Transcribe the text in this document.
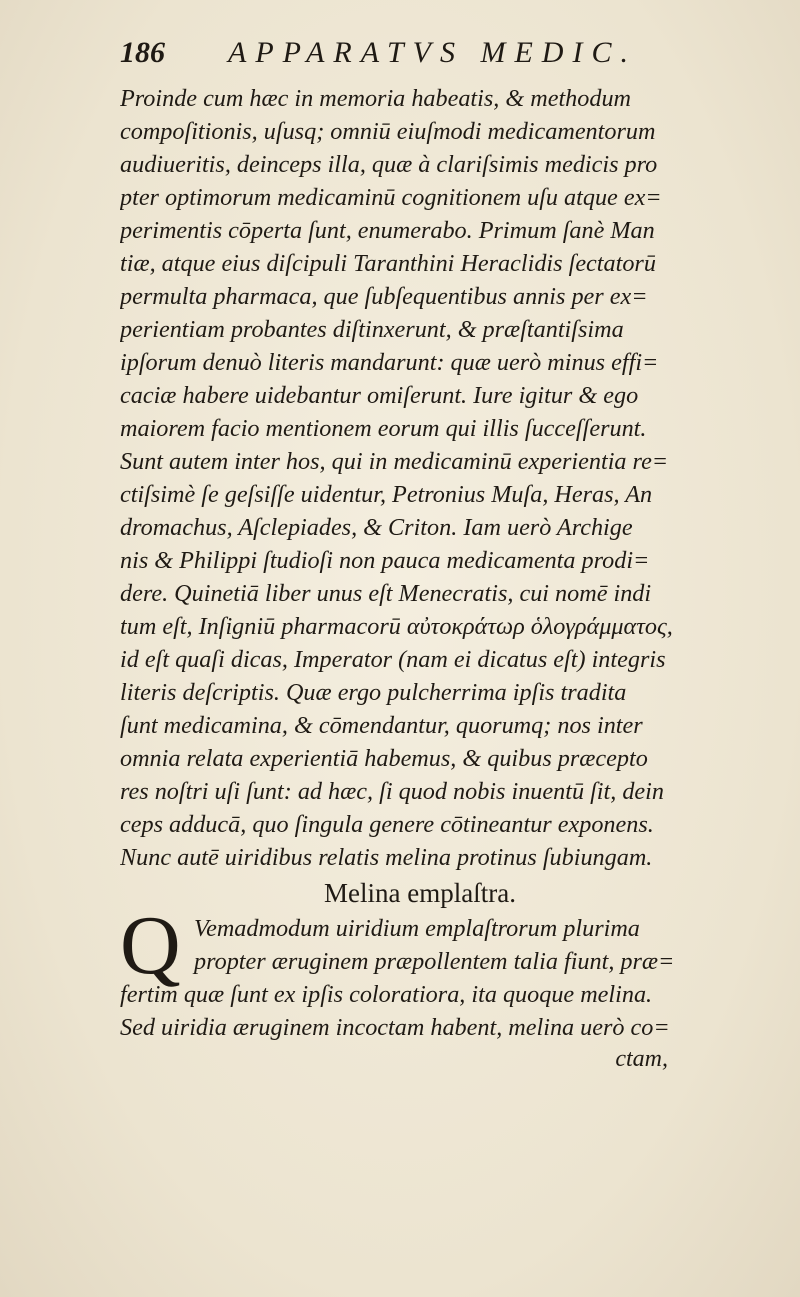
186 APPARATVS MEDIC.
Proinde cum hæc in memoria habeatis, & methodum
compoſitionis, uſusq; omniū eiuſmodi medicamentorum
audiueritis, deinceps illa, quæ à clariſsimis medicis pro
pter optimorum medicaminū cognitionem uſu atque ex=
perimentis cōperta ſunt, enumerabo. Primum ſanè Man
tiæ, atque eius diſcipuli Taranthini Heraclidis ſectatorū
permulta pharmaca, que ſubſequentibus annis per ex=
perientiam probantes diſtinxerunt, & præſtantiſsima
ipſorum denuò literis mandarunt: quæ uerò minus effi=
caciæ habere uidebantur omiſerunt. Iure igitur & ego
maiorem facio mentionem eorum qui illis ſucceſſerunt.
Sunt autem inter hos, qui in medicaminū experientia re=
ctiſsimè ſe geſsiſſe uidentur, Petronius Muſa, Heras, An
dromachus, Aſclepiades, & Criton. Iam uerò Archige
nis & Philippi ſtudioſi non pauca medicamenta prodi=
dere. Quinetiā liber unus eſt Menecratis, cui nomē indi
tum eſt, Inſigniū pharmacorū αὐτοκράτωρ ὁλογράμματος,
id eſt quaſi dicas, Imperator (nam ei dicatus eſt) integris
literis deſcriptis. Quæ ergo pulcherrima ipſis tradita
ſunt medicamina, & cōmendantur, quorumq; nos inter
omnia relata experientiā habemus, & quibus præcepto
res noſtri uſi ſunt: ad hæc, ſi quod nobis inuentū ſit, dein
ceps adducā, quo ſingula genere cōtineantur exponens.
Nunc autē uiridibus relatis melina protinus ſubiungam.
Melina emplaſtra.
Q Vemadmodum uiridium emplaſtrorum plurima
propter æruginem præpollentem talia fiunt, præ=
fertim quæ ſunt ex ipſis coloratiora, ita quoque melina.
Sed uiridia æruginem incoctam habent, melina uerò co=
ctam,
